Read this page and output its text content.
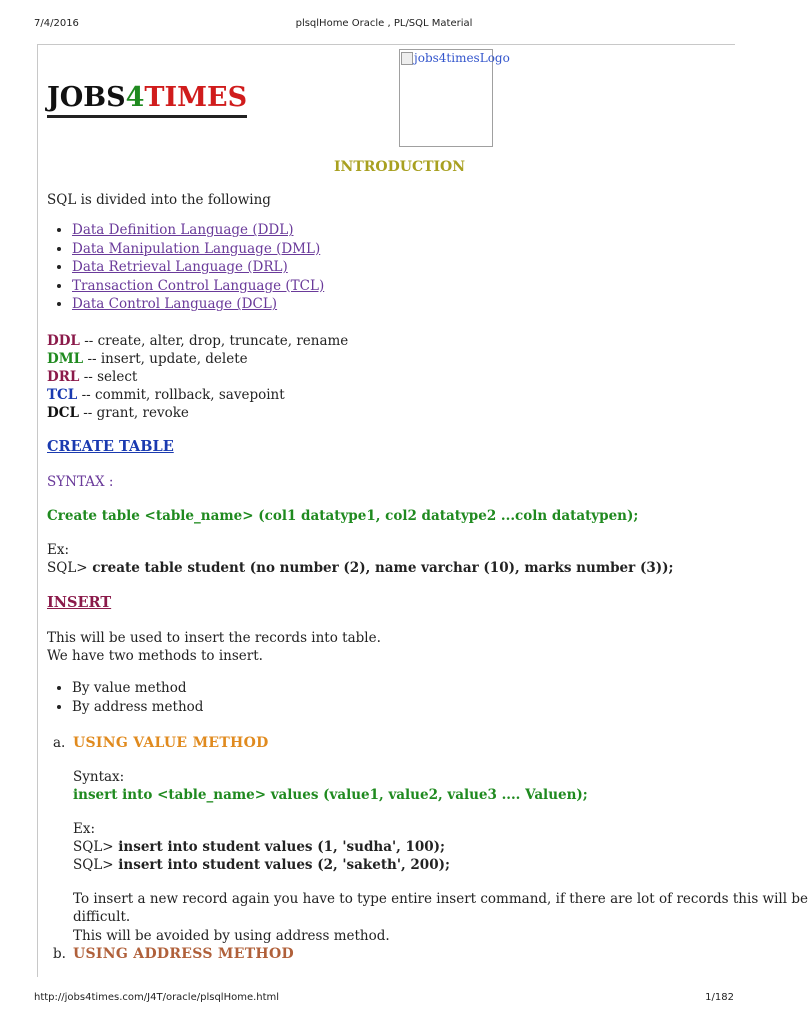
7/4/2016	plsqlHome Oracle , PL/SQL Material
JOBS4TIMES
jobs4timesLogo
INTRODUCTION
SQL is divided into the following
• Data Definition Language (DDL)
• Data Manipulation Language (DML)
• Data Retrieval Language (DRL)
• Transaction Control Language (TCL)
• Data Control Language (DCL)
DDL -- create, alter, drop, truncate, rename
DML -- insert, update, delete
DRL -- select
TCL -- commit, rollback, savepoint
DCL -- grant, revoke
CREATE TABLE
SYNTAX :
Create table <table_name> (col1 datatype1, col2 datatype2 ...coln datatypen);
Ex:
SQL> create table student (no number (2), name varchar (10), marks number (3));
INSERT
This will be used to insert the records into table.
We have two methods to insert.
• By value method
• By address method
a. USING VALUE METHOD
Syntax:
insert into <table_name> values (value1, value2, value3 .... Valuen);
Ex:
SQL> insert into student values (1, 'sudha', 100);
SQL> insert into student values (2, 'saketh', 200);
To insert a new record again you have to type entire insert command, if there are lot of records this will be
difficult.
This will be avoided by using address method.
b. USING ADDRESS METHOD
http://jobs4times.com/J4T/oracle/plsqlHome.html	1/182
